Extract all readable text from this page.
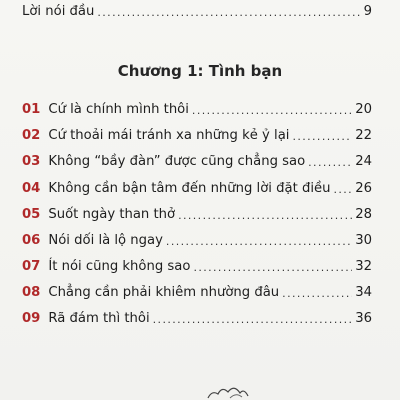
Lời nói đầu .....	9
Chương 1: Tình bạn
01 Cứ là chính mình thôi .....	20
02 Cứ thoải mái tránh xa những kẻ ỷ lại .....	22
03 Không “bầy đàn” được cũng chẳng sao .....	24
04 Không cần bận tâm đến những lời đặt điều ..... 26
05 Suốt ngày than thở .....	28
06 Nói dối là lộ ngay .....	30
07 Ít nói cũng không sao .....	32
08 Chẳng cần phải khiêm nhường đâu .....	34
09 Rã đám thì thôi .....	36
